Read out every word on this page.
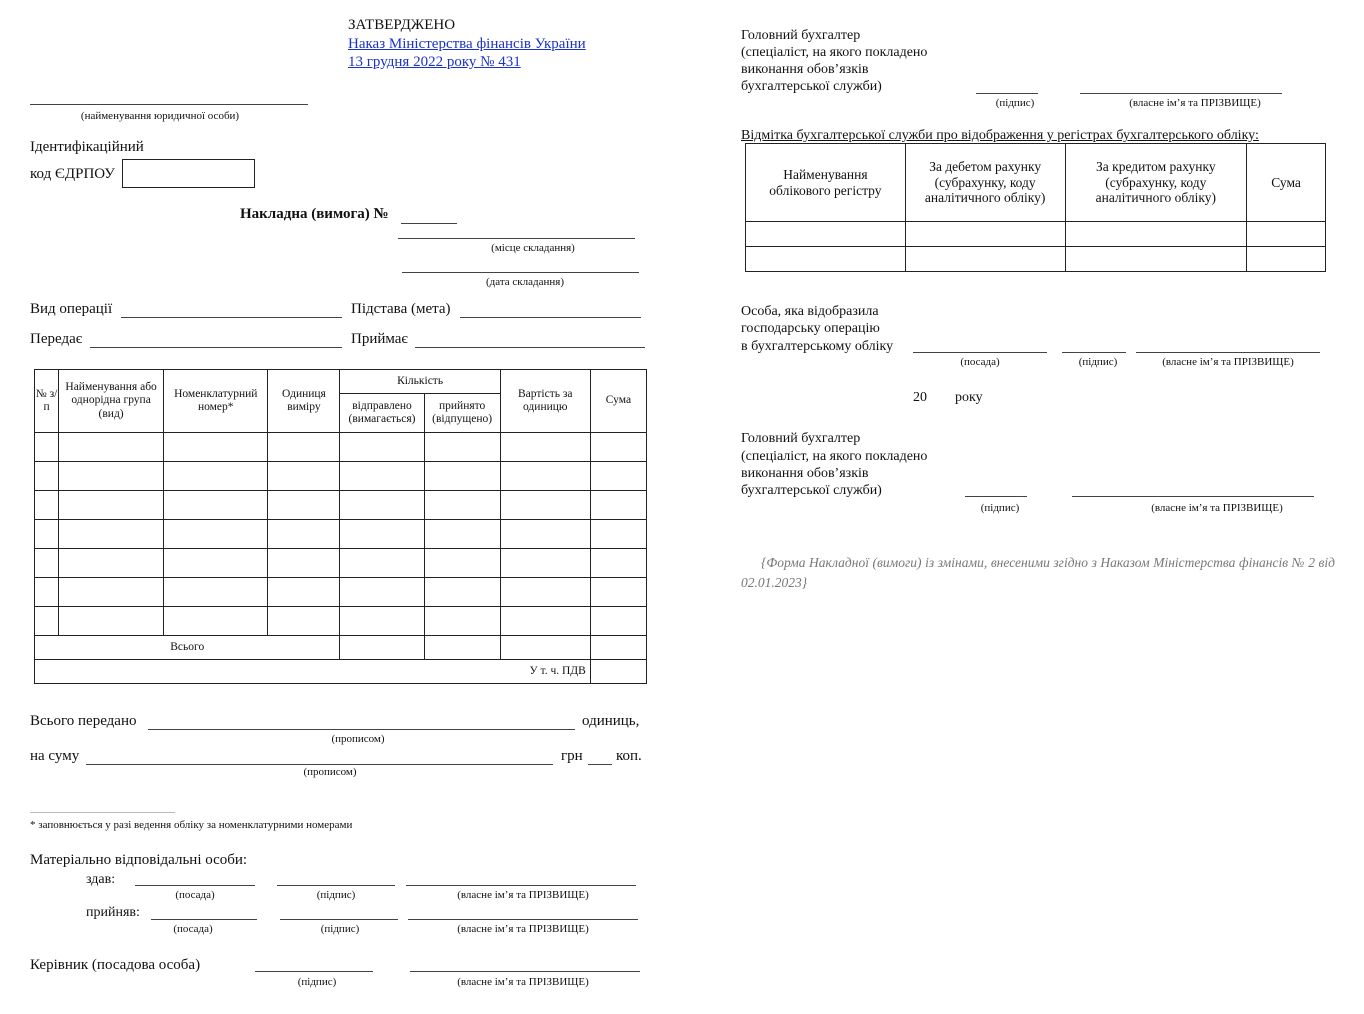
ЗАТВЕРДЖЕНО
Наказ Міністерства фінансів України
13 грудня 2022 року № 431
(найменування юридичної особи)
Ідентифікаційний
код ЄДРПОУ
Накладна (вимога) №
(місце складання)
(дата складання)
Вид операції	Підстава (мета)
Передає	Приймає
№ з/п	Найменування або однорідна група (вид)	Номенклатурний номер*	Одиниця виміру	Кількість		Вартість за одиницю	Сума
				відправлено (вимагається)	прийнято (відпущено)		

Всього							
У т. ч. ПДВ							
Всього передано	одиниць,
(прописом)
на суму	грн коп.
(прописом)
* заповнюється у разі ведення обліку за номенклатурними номерами
Матеріально відповідальні особи:
здав:
(посада)	(підпис)	(власне ім’я та ПРІЗВИЩЕ)
прийняв:
(посада)	(підпис)	(власне ім’я та ПРІЗВИЩЕ)
Керівник (посадова особа)
(підпис)	(власне ім’я та ПРІЗВИЩЕ)
Головний бухгалтер
(спеціаліст, на якого покладено
виконання обов’язків
бухгалтерської служби)
(підпис)	(власне ім’я та ПРІЗВИЩЕ)
Відмітка бухгалтерської служби про відображення у регістрах бухгалтерського обліку:
Найменування облікового регістру	За дебетом рахунку (субрахунку, коду аналітичного обліку)	За кредитом рахунку (субрахунку, коду аналітичного обліку)	Сума

Особа, яка відобразила
господарську операцію
в бухгалтерському обліку
(посада)	(підпис)	(власне ім’я та ПРІЗВИЩЕ)
20 року
Головний бухгалтер
(спеціаліст, на якого покладено
виконання обов’язків
бухгалтерської служби)
(підпис)	(власне ім’я та ПРІЗВИЩЕ)
{Форма Накладної (вимоги) із змінами, внесеними згідно з Наказом Міністерства фінансів № 2 від 02.01.2023}
